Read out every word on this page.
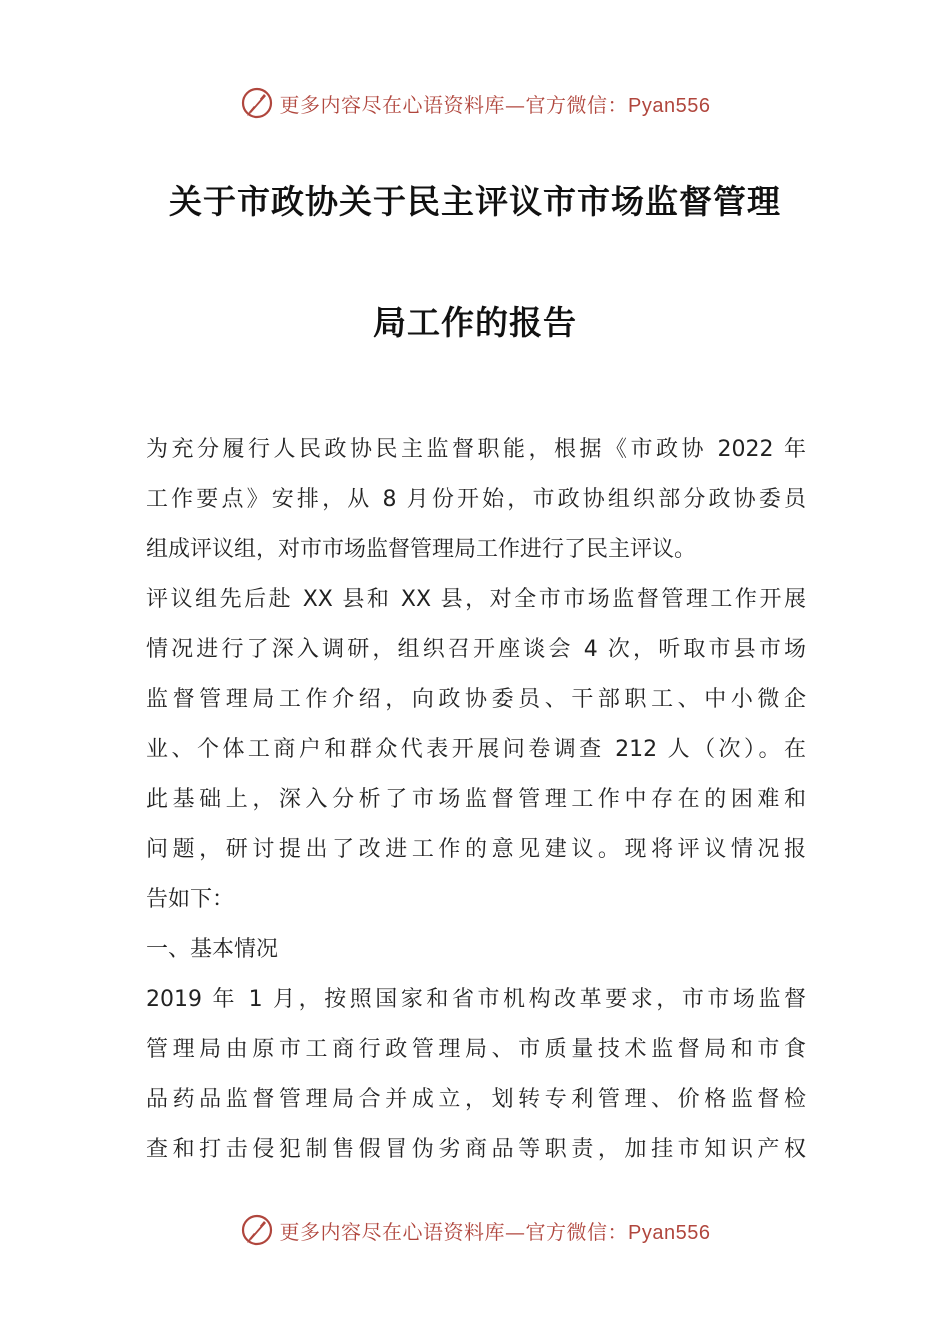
更多内容尽在心语资料库—官方微信：Pyan556
关于市政协关于民主评议市市场监督管理
局工作的报告
为充分履行人民政协民主监督职能，根据《市政协 2022 年
工作要点》安排，从 8 月份开始，市政协组织部分政协委员
组成评议组，对市市场监督管理局工作进行了民主评议。
评议组先后赴 XX 县和 XX 县，对全市市场监督管理工作开展
情况进行了深入调研，组织召开座谈会 4 次，听取市县市场
监督管理局工作介绍，向政协委员、干部职工、中小微企
业、个体工商户和群众代表开展问卷调查 212 人（次）。在
此基础上，深入分析了市场监督管理工作中存在的困难和
问题，研讨提出了改进工作的意见建议。现将评议情况报
告如下：
一、基本情况
2019 年 1 月，按照国家和省市机构改革要求，市市场监督
管理局由原市工商行政管理局、市质量技术监督局和市食
品药品监督管理局合并成立，划转专利管理、价格监督检
查和打击侵犯制售假冒伪劣商品等职责，加挂市知识产权
更多内容尽在心语资料库—官方微信：Pyan556
